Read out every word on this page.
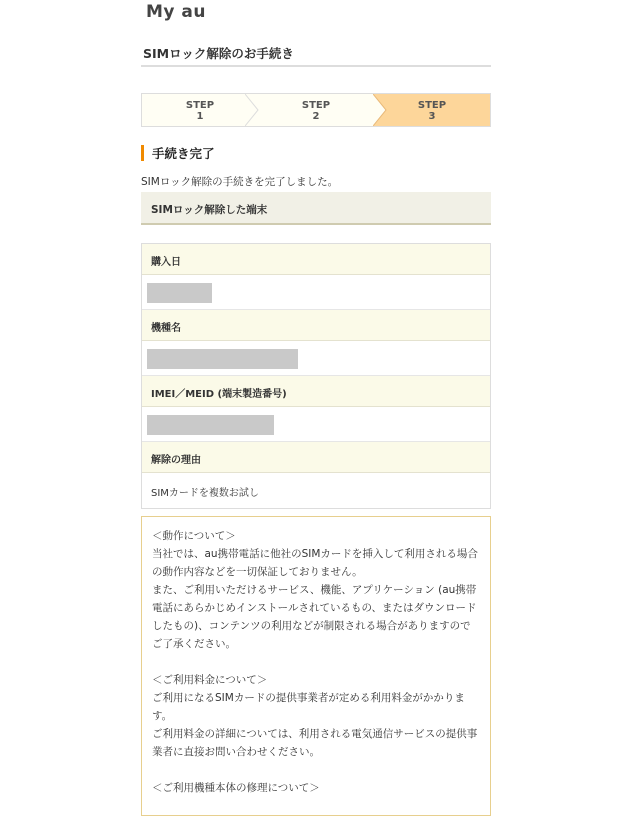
My au
SIMロック解除のお手続き
STEP
1
STEP
2
STEP
3
手続き完了
SIMロック解除の手続きを完了しました。
SIMロック解除した端末
購入日
機種名
IMEI／MEID (端末製造番号)
解除の理由
SIMカードを複数お試し

＜動作について＞

当社では、au携帯電話に他社のSIMカードを挿入して利用される場合の動作内容などを一切保証しておりません。
また、ご利用いただけるサービス、機能、アプリケーション (au携帯電話にあらかじめインストールされているもの、またはダウンロードしたもの)、コンテンツの利用などが制限される場合がありますのでご了承ください。

＜ご利用料金について＞

ご利用になるSIMカードの提供事業者が定める利用料金がかかります。
ご利用料金の詳細については、利用される電気通信サービスの提供事業者に直接お問い合わせください。

＜ご利用機種本体の修理について＞
